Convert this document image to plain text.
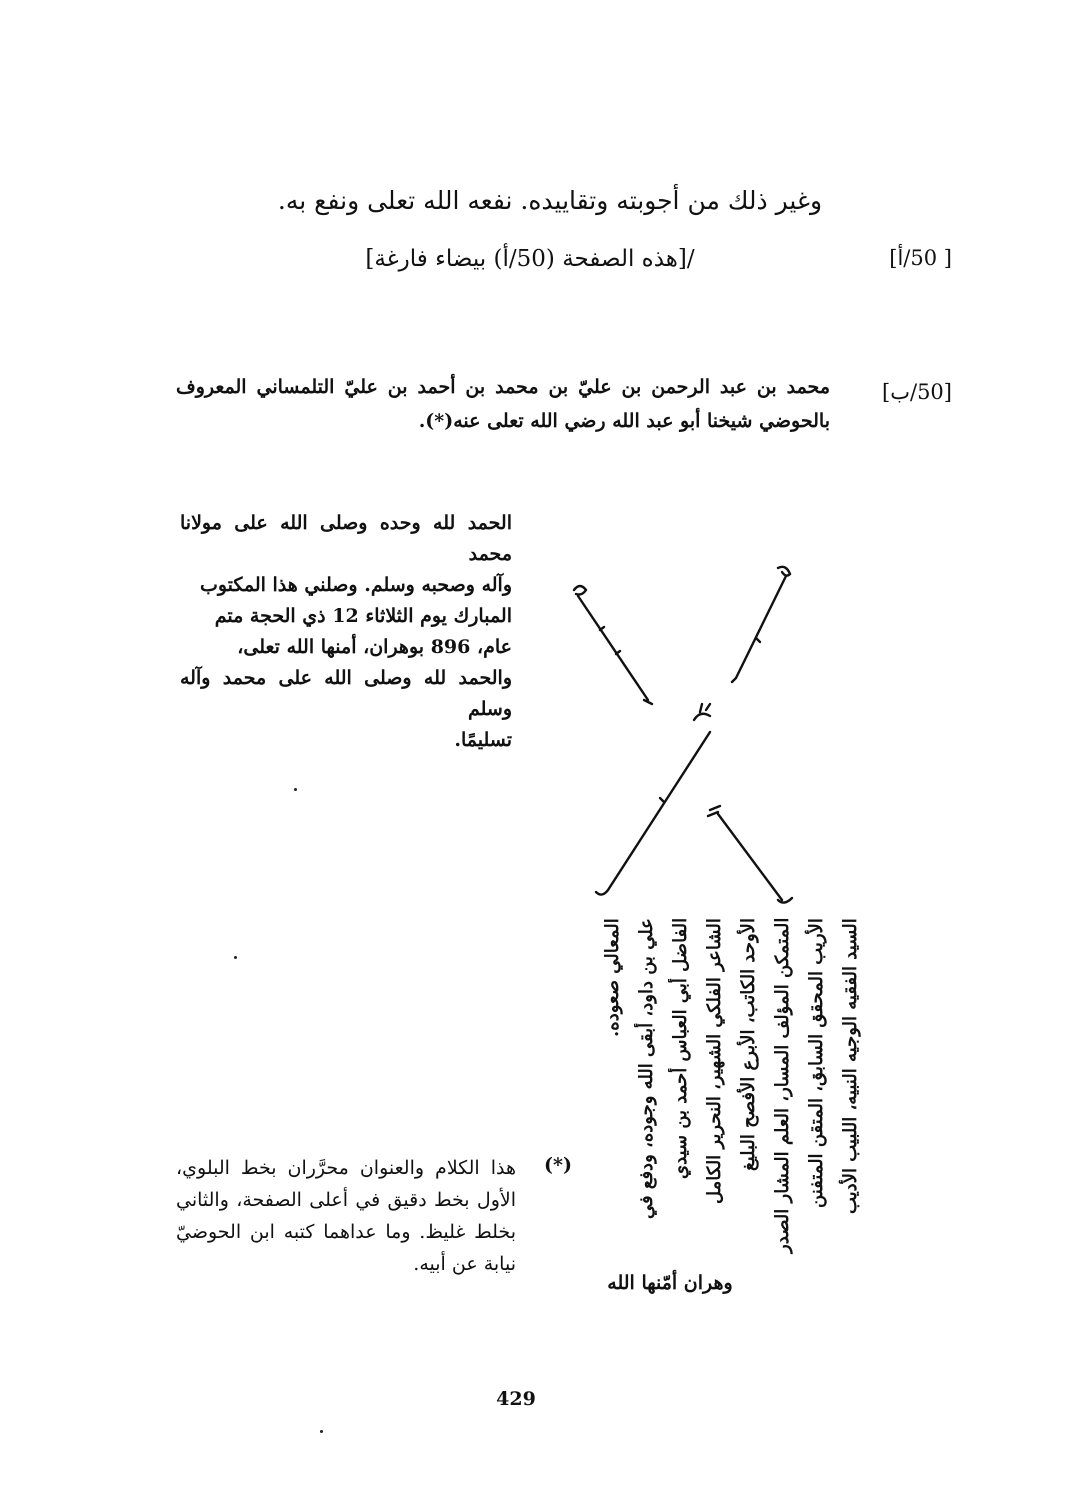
وغير ذلك من أجوبته وتقاييده. نفعه الله تعلى ونفع به.
/[هذه الصفحة (50/أ) بيضاء فارغة]	[ 50/أ]
[50/ب]
محمد بن عبد الرحمن بن عليّ بن محمد بن أحمد بن عليّ التلمساني المعروف بالحوضي شيخنا أبو عبد الله رضي الله تعلى عنه(*).
الحمد لله وحده وصلى الله على مولانا محمد
وآله وصحبه وسلم. وصلني هذا المكتوب
المبارك يوم الثلاثاء 12 ذي الحجة متم
عام، 896 بوهران، أمنها الله تعلى،
والحمد لله وصلى الله على محمد وآله وسلم
تسليمًا.
السيد الفقيه الوجيه النبيه، اللبيب الأديب
الأريب المحقق السابق، المتقن المتفنن
المتمكن المؤلف المسار، العلم المشار الصدر
الأوحد الكاتب، الأبرع الأفصح البليغ
الشاعر الفلكي الشهير، النحرير الكامل
الفاضل أبي العباس أحمد بن سيدي
علي بن داود، أبقى الله وجوده، ودفع في
المعالي صعوده.
وهران أمّنها الله
(*)
هذا الكلام والعنوان محرَّران بخط البلوي، الأول بخط دقيق في أعلى الصفحة، والثاني بخلط غليظ. وما عداهما كتبه ابن الحوضيّ نيابة عن أبيه.
429
